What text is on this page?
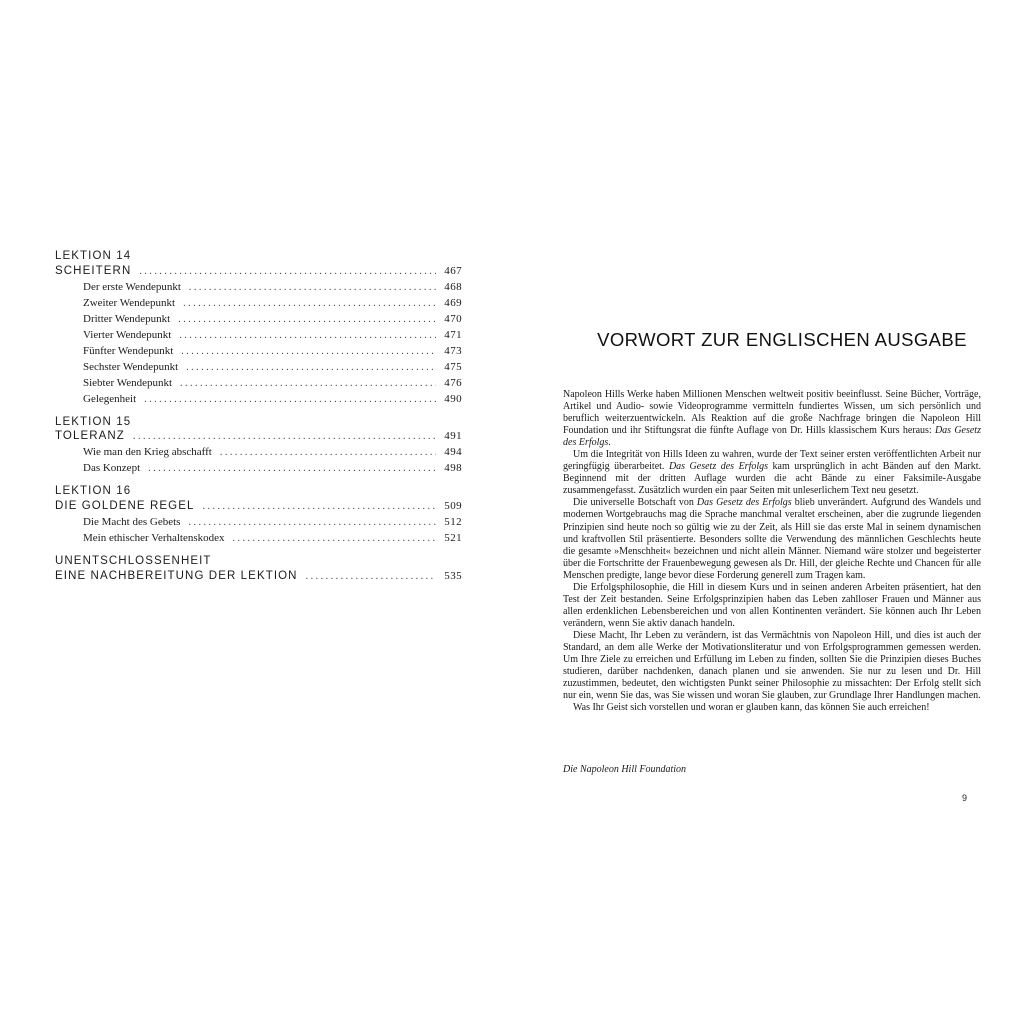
LEKTION 14
SCHEITERN . . .	467
Der erste Wendepunkt . . .	468
Zweiter Wendepunkt . . .	469
Dritter Wendepunkt . . .	470
Vierter Wendepunkt . . .	471
Fünfter Wendepunkt . . .	473
Sechster Wendepunkt . . .	475
Siebter Wendepunkt . . .	476
Gelegenheit . . .	490
LEKTION 15
TOLERANZ . . .	491
Wie man den Krieg abschafft . . .	494
Das Konzept . . .	498
LEKTION 16
DIE GOLDENE REGEL . . .	509
Die Macht des Gebets . . .	512
Mein ethischer Verhaltenskodex . . .	521
UNENTSCHLOSSENHEIT
EINE NACHBEREITUNG DER LEKTION . . .	535
VORWORT ZUR ENGLISCHEN AUSGABE

Napoleon Hills Werke haben Millionen Menschen weltweit positiv beeinflusst. Seine Bücher, Vorträge, Artikel und Audio- sowie Videoprogramme vermitteln fundiertes Wissen, um sich persönlich und beruflich weiterzuentwickeln. Als Reaktion auf die große Nachfrage bringen die Napoleon Hill Foundation und ihr Stiftungsrat die fünfte Auflage von Dr. Hills klassischem Kurs heraus: Das Gesetz des Erfolgs.

Um die Integrität von Hills Ideen zu wahren, wurde der Text seiner ersten veröffentlichten Arbeit nur geringfügig überarbeitet. Das Gesetz des Erfolgs kam ursprünglich in acht Bänden auf den Markt. Beginnend mit der dritten Auflage wurden die acht Bände zu einer Faksimile-Ausgabe zusammengefasst. Zusätzlich wurden ein paar Seiten mit unleserlichem Text neu gesetzt.

Die universelle Botschaft von Das Gesetz des Erfolgs blieb unverändert. Aufgrund des Wandels und modernen Wortgebrauchs mag die Sprache manchmal veraltet erscheinen, aber die zugrunde liegenden Prinzipien sind heute noch so gültig wie zu der Zeit, als Hill sie das erste Mal in seinem dynamischen und kraftvollen Stil präsentierte. Besonders sollte die Verwendung des männlichen Geschlechts heute die gesamte »Menschheit« bezeichnen und nicht allein Männer. Niemand wäre stolzer und begeisterter über die Fortschritte der Frauenbewegung gewesen als Dr. Hill, der gleiche Rechte und Chancen für alle Menschen predigte, lange bevor diese Forderung generell zum Tragen kam.

Die Erfolgsphilosophie, die Hill in diesem Kurs und in seinen anderen Arbeiten präsentiert, hat den Test der Zeit bestanden. Seine Erfolgsprinzipien haben das Leben zahlloser Frauen und Männer aus allen erdenklichen Lebensbereichen und von allen Kontinenten verändert. Sie können auch Ihr Leben verändern, wenn Sie aktiv danach handeln.

Diese Macht, Ihr Leben zu verändern, ist das Vermächtnis von Napoleon Hill, und dies ist auch der Standard, an dem alle Werke der Motivationsliteratur und von Erfolgsprogrammen gemessen werden. Um Ihre Ziele zu erreichen und Erfüllung im Leben zu finden, sollten Sie die Prinzipien dieses Buches studieren, darüber nachdenken, danach planen und sie anwenden. Sie nur zu lesen und Dr. Hill zuzustimmen, bedeutet, den wichtigsten Punkt seiner Philosophie zu missachten: Der Erfolg stellt sich nur ein, wenn Sie das, was Sie wissen und woran Sie glauben, zur Grundlage Ihrer Handlungen machen.

Was Ihr Geist sich vorstellen und woran er glauben kann, das können Sie auch erreichen!

Die Napoleon Hill Foundation
9
